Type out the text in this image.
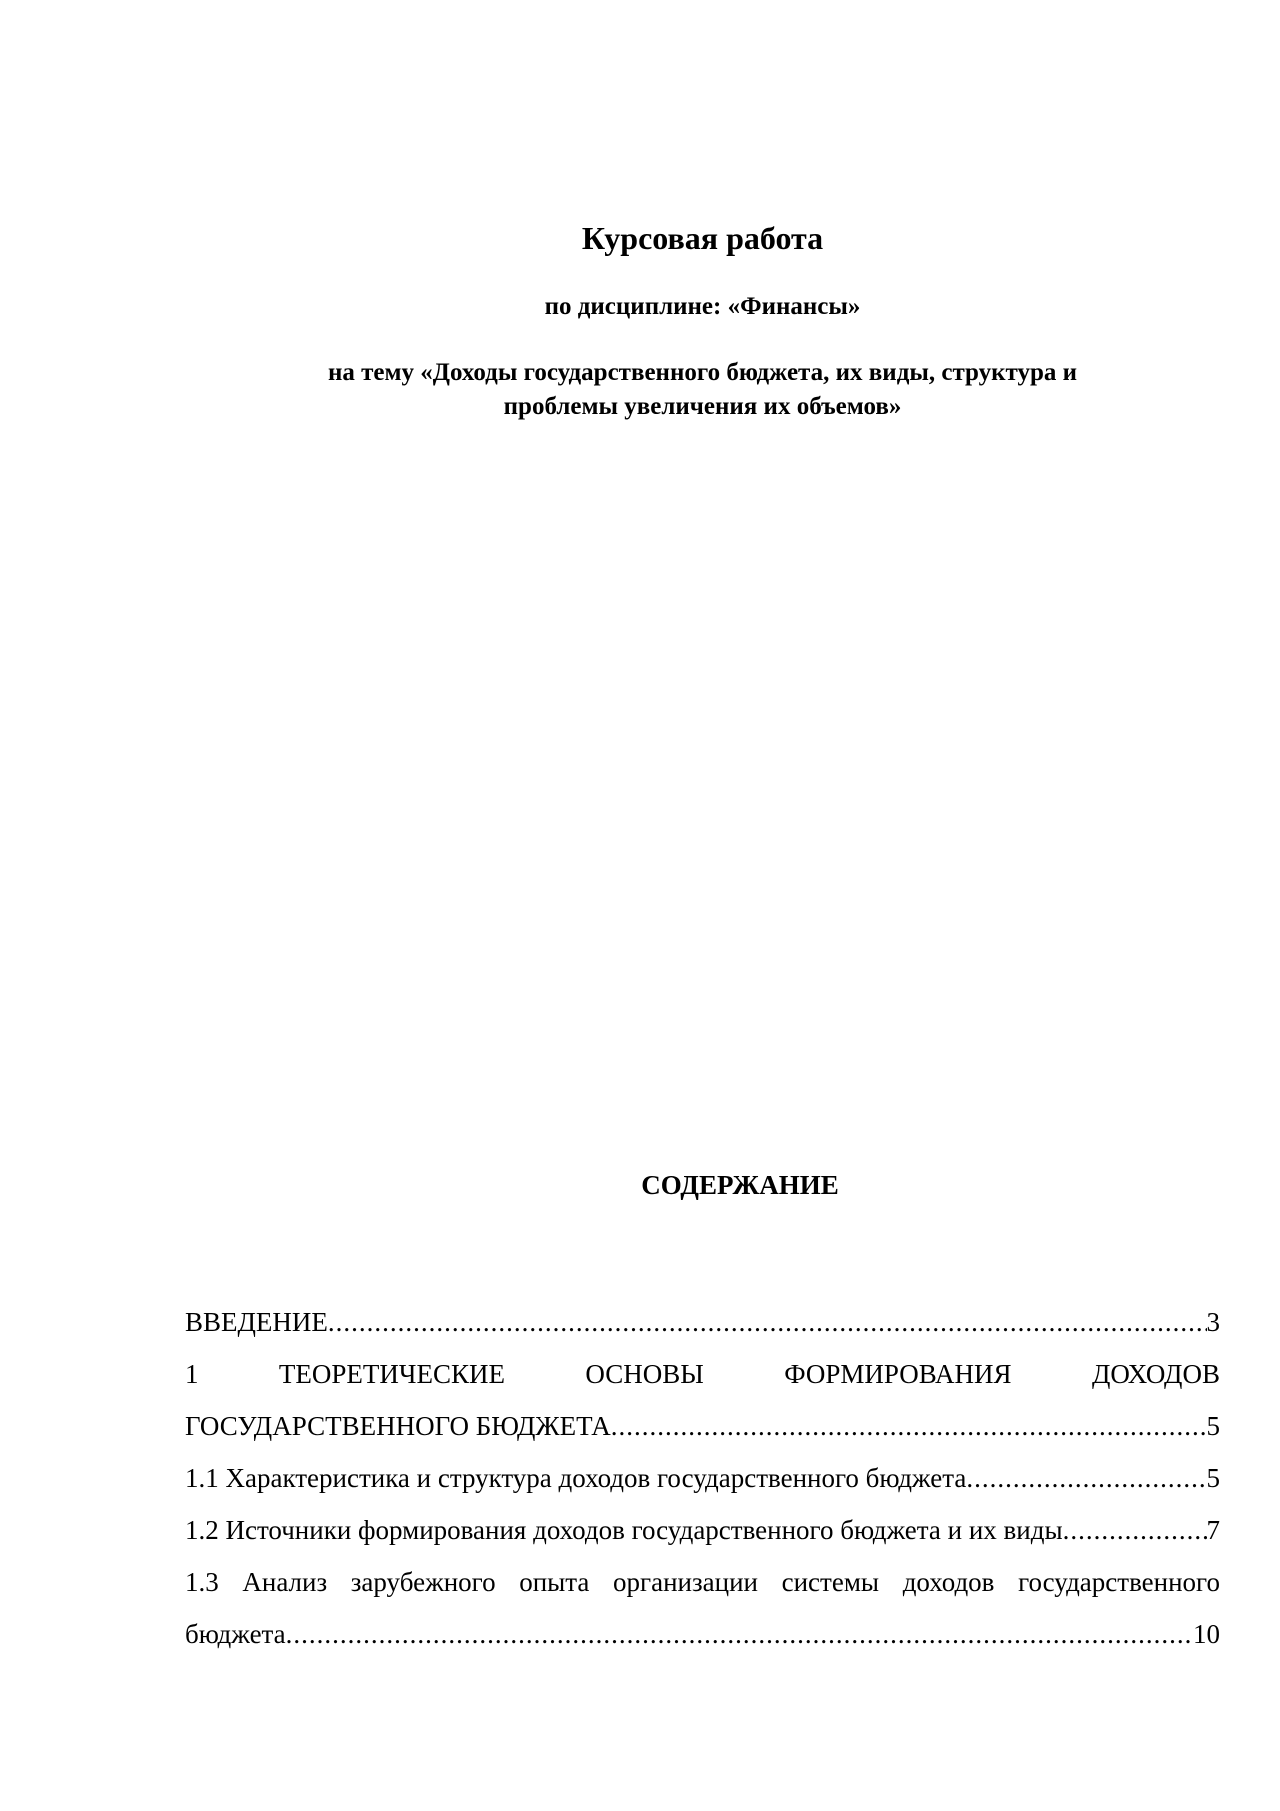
Курсовая работа

по дисциплине: «Финансы»

на тему «Доходы государственного бюджета, их виды, структура и
проблемы увеличения их объемов»

СОДЕРЖАНИЕ
ВВЕДЕНИЕ .....	3
1	ТЕОРЕТИЧЕСКИЕ	ОСНОВЫ	ФОРМИРОВАНИЯ	ДОХОДОВ
ГОСУДАРСТВЕННОГО БЮДЖЕТА .....	5
1.1 Характеристика и структура доходов государственного бюджета .....	5
1.2 Источники формирования доходов государственного бюджета и их виды .....	7
1.3 Анализ зарубежного опыта организации системы доходов государственного
бюджета .....	10
